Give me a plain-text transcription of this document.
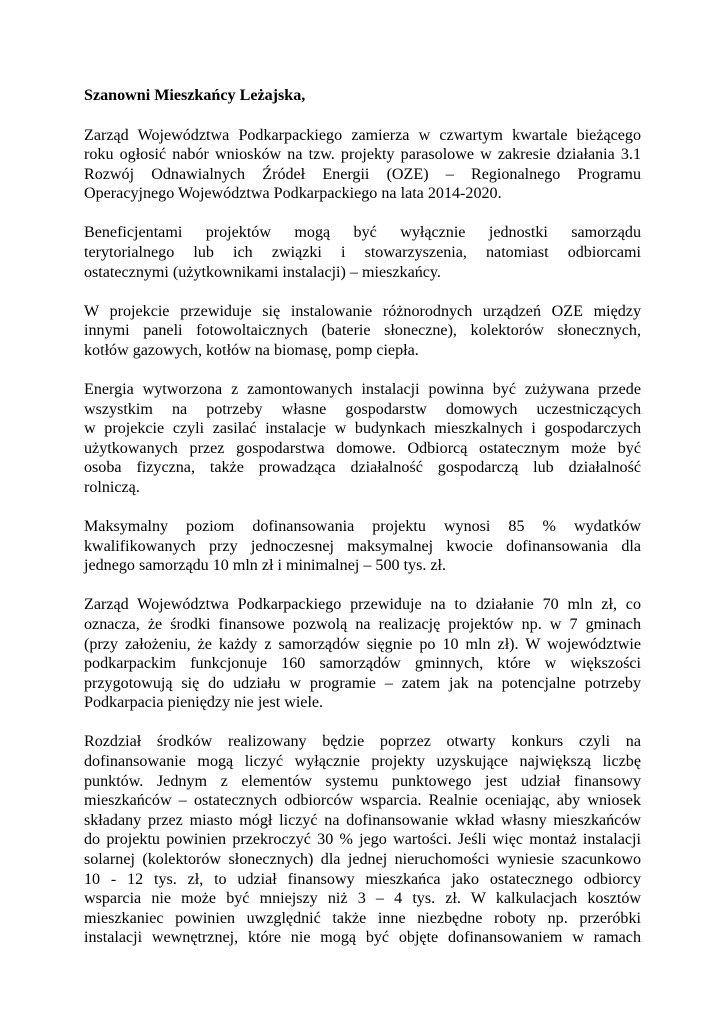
Szanowni Mieszkańcy Leżajska,
Zarząd Województwa Podkarpackiego zamierza w czwartym kwartale bieżącego
roku ogłosić nabór wniosków na tzw. projekty parasolowe w zakresie działania 3.1
Rozwój Odnawialnych Źródeł Energii (OZE) – Regionalnego Programu
Operacyjnego Województwa Podkarpackiego na lata 2014-2020.
Beneficjentami projektów mogą być wyłącznie jednostki samorządu
terytorialnego lub ich związki i stowarzyszenia, natomiast odbiorcami
ostatecznymi (użytkownikami instalacji) – mieszkańcy.
W projekcie przewiduje się instalowanie różnorodnych urządzeń OZE między
innymi paneli fotowoltaicznych (baterie słoneczne), kolektorów słonecznych,
kotłów gazowych, kotłów na biomasę, pomp ciepła.
Energia wytworzona z zamontowanych instalacji powinna być zużywana przede
wszystkim na potrzeby własne gospodarstw domowych uczestniczących
w projekcie czyli zasilać instalacje w budynkach mieszkalnych i gospodarczych
użytkowanych przez gospodarstwa domowe. Odbiorcą ostatecznym może być
osoba fizyczna, także prowadząca działalność gospodarczą lub działalność
rolniczą.
Maksymalny poziom dofinansowania projektu wynosi 85 % wydatków
kwalifikowanych przy jednoczesnej maksymalnej kwocie dofinansowania dla
jednego samorządu 10 mln zł i minimalnej – 500 tys. zł.
Zarząd Województwa Podkarpackiego przewiduje na to działanie 70 mln zł, co
oznacza, że środki finansowe pozwolą na realizację projektów np. w 7 gminach
(przy założeniu, że każdy z samorządów sięgnie po 10 mln zł). W województwie
podkarpackim funkcjonuje 160 samorządów gminnych, które w większości
przygotowują się do udziału w programie – zatem jak na potencjalne potrzeby
Podkarpacia pieniędzy nie jest wiele.
Rozdział środków realizowany będzie poprzez otwarty konkurs czyli na
dofinansowanie mogą liczyć wyłącznie projekty uzyskujące największą liczbę
punktów. Jednym z elementów systemu punktowego jest udział finansowy
mieszkańców – ostatecznych odbiorców wsparcia. Realnie oceniając, aby wniosek
składany przez miasto mógł liczyć na dofinansowanie wkład własny mieszkańców
do projektu powinien przekroczyć 30 % jego wartości. Jeśli więc montaż instalacji
solarnej (kolektorów słonecznych) dla jednej nieruchomości wyniesie szacunkowo
10 - 12 tys. zł, to udział finansowy mieszkańca jako ostatecznego odbiorcy
wsparcia nie może być mniejszy niż 3 – 4 tys. zł. W kalkulacjach kosztów
mieszkaniec powinien uwzględnić także inne niezbędne roboty np. przeróbki
instalacji wewnętrznej, które nie mogą być objęte dofinansowaniem w ramach
